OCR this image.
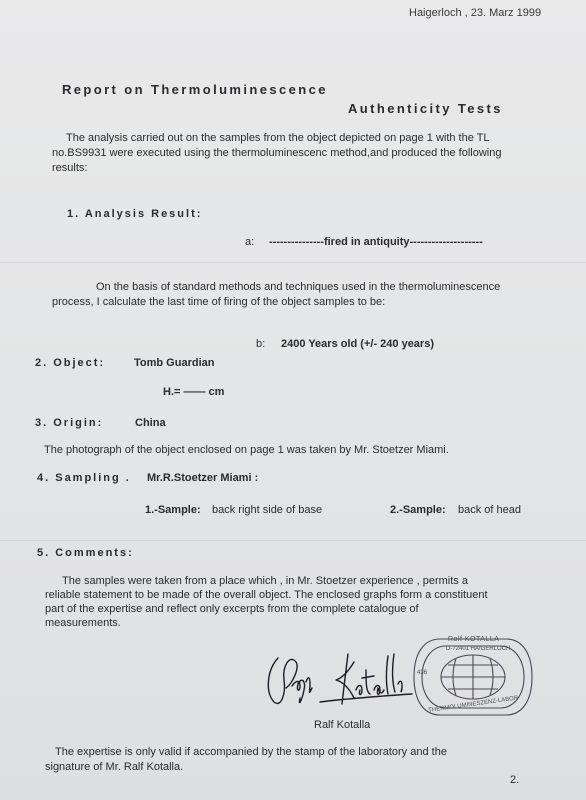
Haigerloch , 23. Marz 1999
Report on Thermoluminescence
Authenticity Tests
The analysis carried out on the samples from the object depicted on page 1 with the TL
no.BS9931 were executed using the thermoluminescenc method,and produced the following
results:
1. Analysis Result:
a: ---------------fired in antiquity--------------------
On the basis of standard methods and techniques used in the thermoluminescence
process, I calculate the last time of firing of the object samples to be:
b: 2400 Years old (+/- 240 years)
2. Object:	Tomb Guardian
H.= —— cm
3. Origin:	China
The photograph of the object enclosed on page 1 was taken by Mr. Stoetzer Miami.
4. Sampling . Mr.R.Stoetzer Miami :
1.-Sample: back right side of base	2.-Sample: back of head
5. Comments:
The samples were taken from a place which , in Mr. Stoetzer experience , permits a
reliable statement to be made of the overall object. The enclosed graphs form a constituent
part of the expertise and reflect only excerpts from the complete catalogue of
measurements.
Rolf KOTALLA
D-72401 HAIGERLOCH
THERMOLUMINESZENZ-LABOR
436
Ralf Kotalla
The expertise is only valid if accompanied by the stamp of the laboratory and the
signature of Mr. Ralf Kotalla.
2.
